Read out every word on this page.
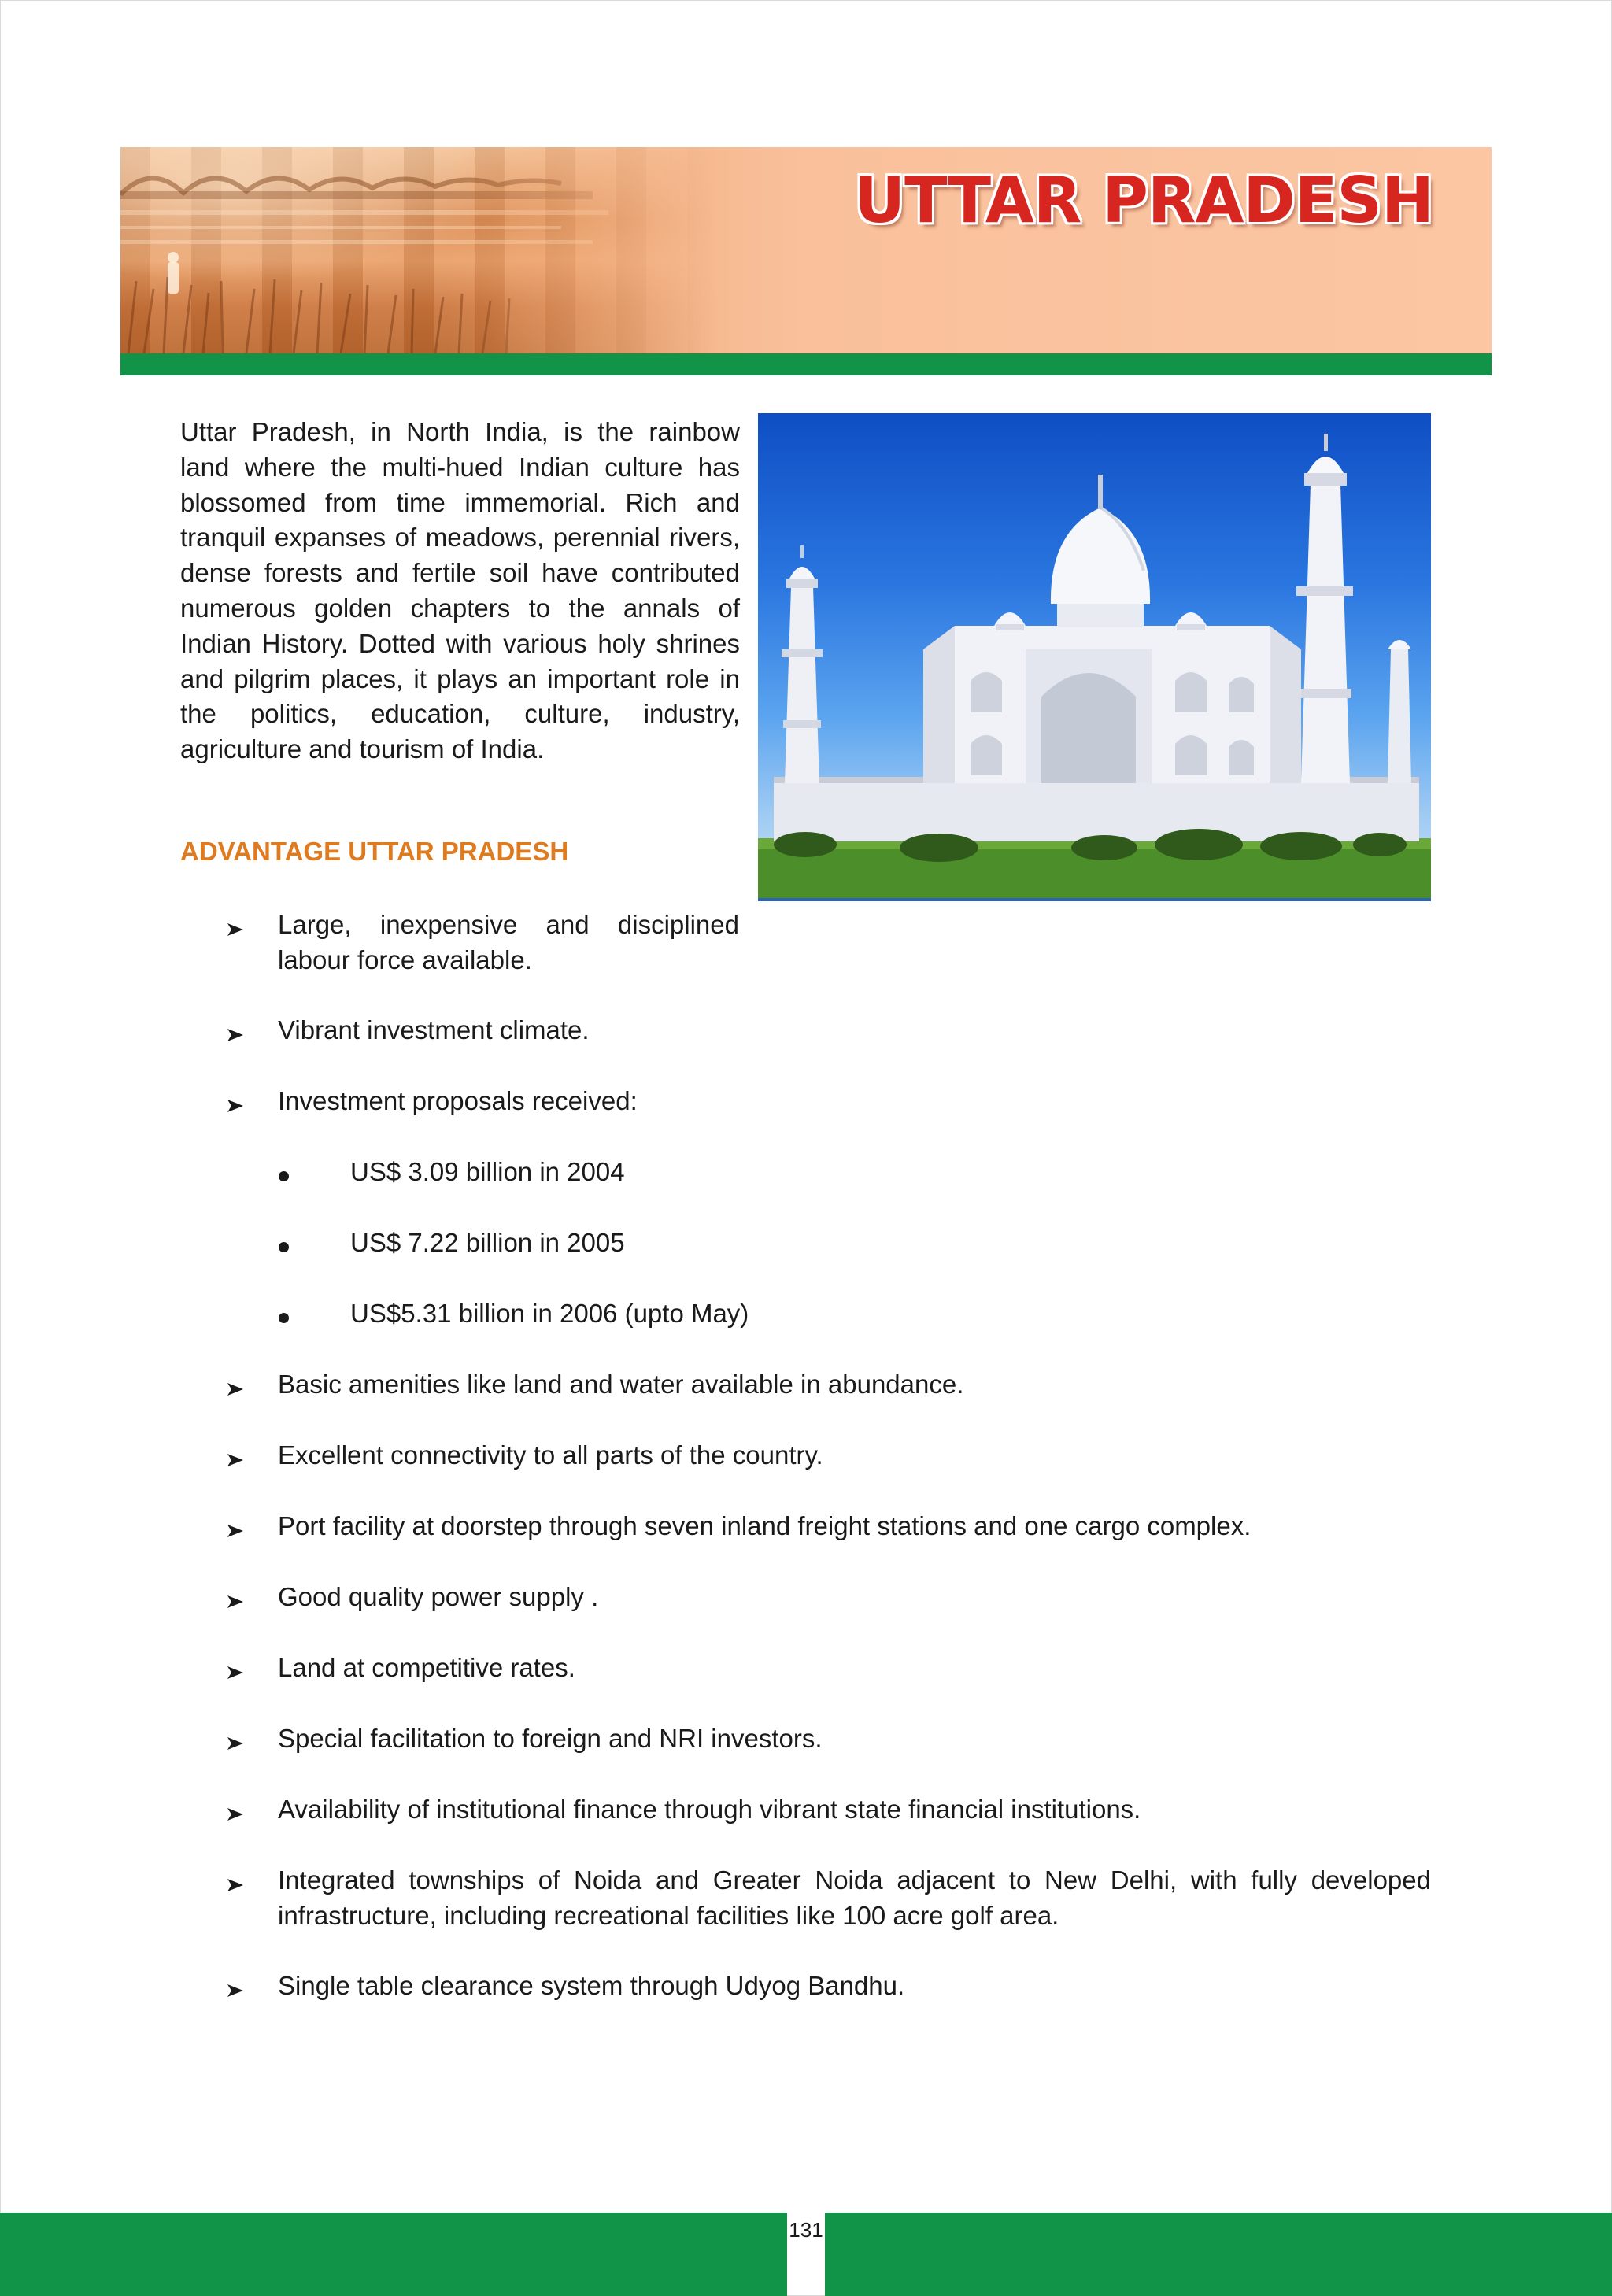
UTTAR PRADESH

Uttar Pradesh, in North India, is the rainbow land where the multi-hued Indian culture has blossomed from time immemorial. Rich and tranquil expanses of meadows, perennial rivers, dense forests and fertile soil have contributed numerous golden chapters to the annals of Indian History. Dotted with various holy shrines and pilgrim places, it plays an important role in the politics, education, culture, industry, agriculture and tourism of India.

ADVANTAGE UTTAR PRADESH
Large, inexpensive and disciplined labour force available.
Vibrant investment climate.
Investment proposals received:
US$ 3.09 billion in 2004
US$ 7.22 billion in 2005
US$5.31 billion in 2006 (upto May)
Basic amenities like land and water available in abundance.
Excellent connectivity to all parts of the country.
Port facility at doorstep through seven inland freight stations and one cargo complex.
Good quality power supply .
Land at competitive rates.
Special facilitation to foreign and NRI investors.
Availability of institutional finance through vibrant state financial institutions.
Integrated townships of Noida and Greater Noida adjacent to New Delhi, with fully developed infrastructure, including recreational facilities like 100 acre golf area.
Single table clearance system through Udyog Bandhu.
131
